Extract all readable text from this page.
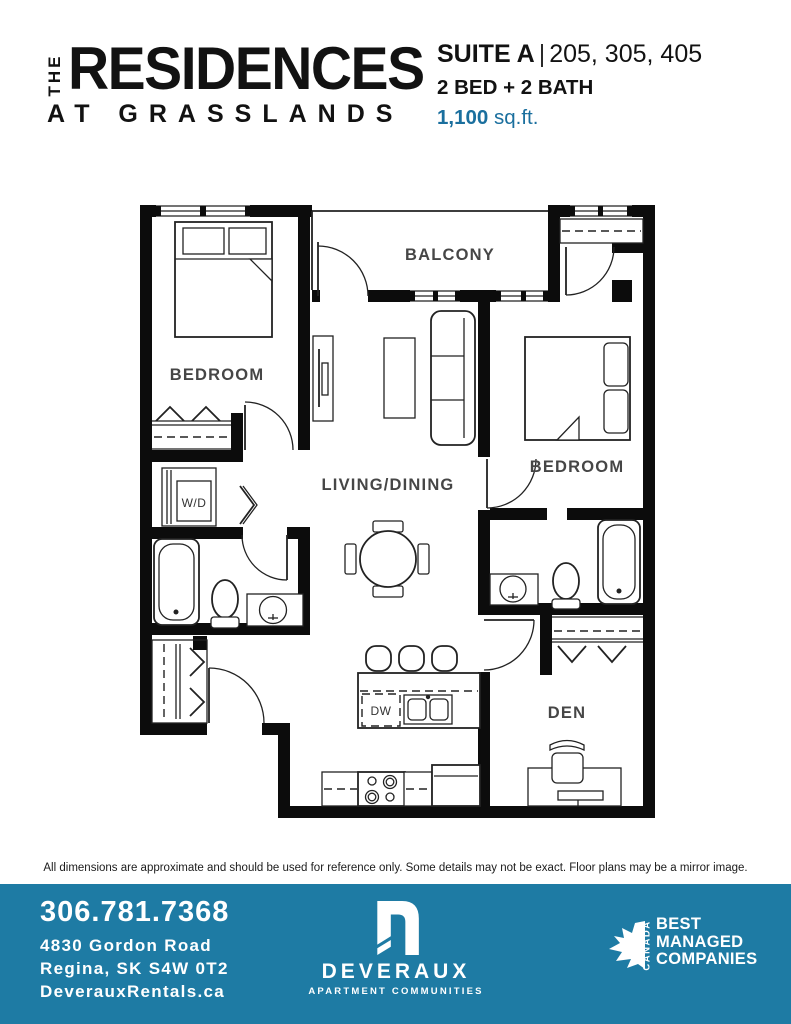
THE RESIDENCES
AT GRASSLANDS
SUITE A | 205, 305, 405
2 BED + 2 BATH
1,100 sq.ft.
W/D
DW
BEDROOM
BALCONY
LIVING/DINING
BEDROOM
DEN
All dimensions are approximate and should be used for reference only. Some details may not be exact. Floor plans may be a mirror image.
306.781.7368
4830 Gordon Road
Regina, SK S4W 0T2
DeverauxRentals.ca
DEVERAUX
APARTMENT COMMUNITIES
CANADA BEST
MANAGED
COMPANIES
